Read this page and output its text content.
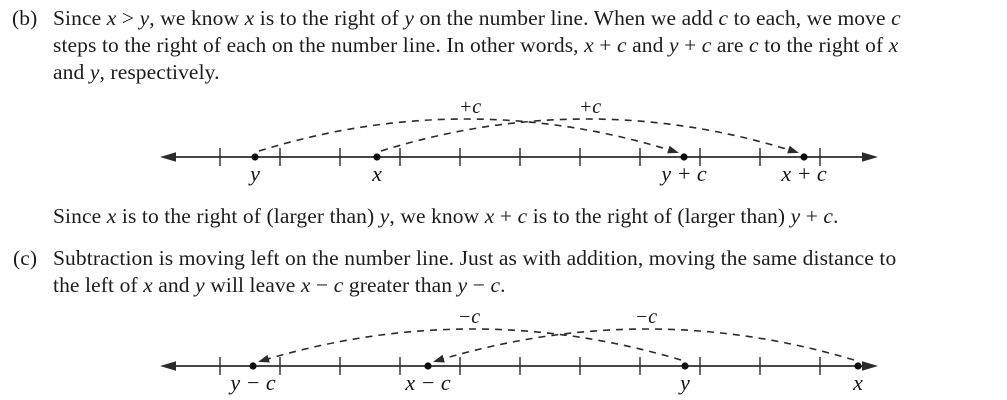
(b) Since x > y, we know x is to the right of y on the number line. When we add c to each, we move c
steps to the right of each on the number line. In other words, x + c and y + c are c to the right of x
and y, respectively.
Since x is to the right of (larger than) y, we know x + c is to the right of (larger than) y + c.
(c) Subtraction is moving left on the number line. Just as with addition, moving the same distance to
the left of x and y will leave x − c greater than y − c.
+c	+c
y	x	y + c	x + c
−c	−c
y − c	x − c	y	x
